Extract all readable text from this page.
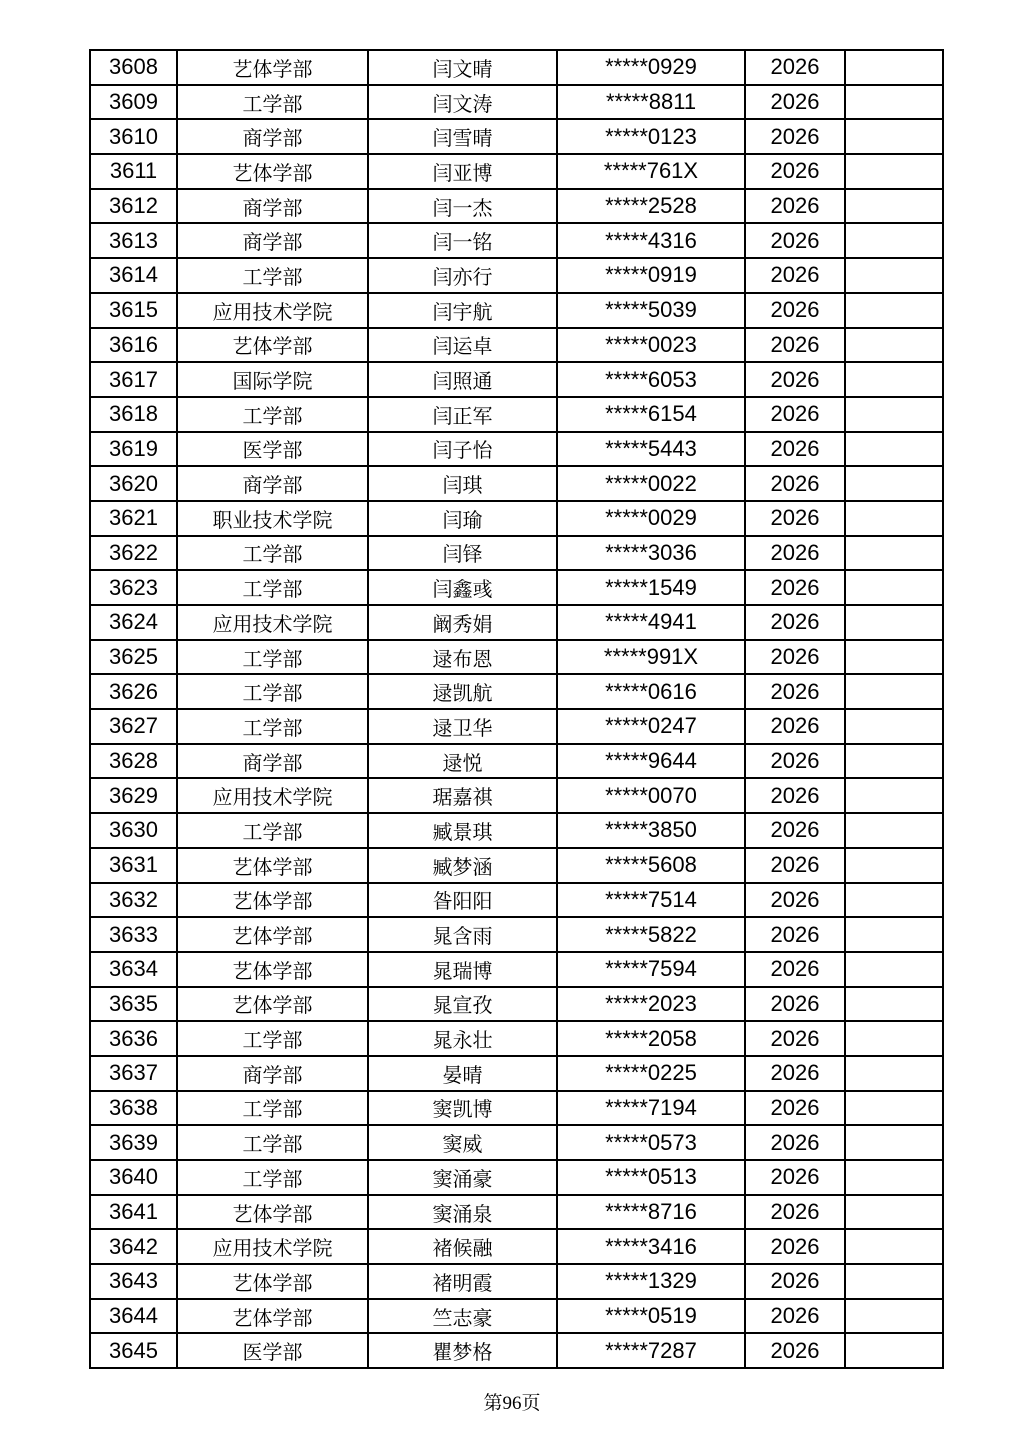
3608	艺体学部	闫文晴	*****0929	2026	
3609	工学部	闫文涛	*****8811	2026	
3610	商学部	闫雪晴	*****0123	2026	
3611	艺体学部	闫亚博	*****761X	2026	
3612	商学部	闫一杰	*****2528	2026	
3613	商学部	闫一铭	*****4316	2026	
3614	工学部	闫亦行	*****0919	2026	
3615	应用技术学院	闫宇航	*****5039	2026	
3616	艺体学部	闫运卓	*****0023	2026	
3617	国际学院	闫照通	*****6053	2026	
3618	工学部	闫正军	*****6154	2026	
3619	医学部	闫子怡	*****5443	2026	
3620	商学部	闫琪	*****0022	2026	
3621	职业技术学院	闫瑜	*****0029	2026	
3622	工学部	闫铎	*****3036	2026	
3623	工学部	闫鑫彧	*****1549	2026	
3624	应用技术学院	阚秀娟	*****4941	2026	
3625	工学部	逯布恩	*****991X	2026	
3626	工学部	逯凯航	*****0616	2026	
3627	工学部	逯卫华	*****0247	2026	
3628	商学部	逯悦	*****9644	2026	
3629	应用技术学院	琚嘉祺	*****0070	2026	
3630	工学部	臧景琪	*****3850	2026	
3631	艺体学部	臧梦涵	*****5608	2026	
3632	艺体学部	昝阳阳	*****7514	2026	
3633	艺体学部	晁含雨	*****5822	2026	
3634	艺体学部	晁瑞博	*****7594	2026	
3635	艺体学部	晁宣孜	*****2023	2026	
3636	工学部	晁永壮	*****2058	2026	
3637	商学部	晏晴	*****0225	2026	
3638	工学部	窦凯博	*****7194	2026	
3639	工学部	窦威	*****0573	2026	
3640	工学部	窦涌豪	*****0513	2026	
3641	艺体学部	窦涌泉	*****8716	2026	
3642	应用技术学院	褚候融	*****3416	2026	
3643	艺体学部	褚明霞	*****1329	2026	
3644	艺体学部	竺志豪	*****0519	2026	
3645	医学部	瞿梦格	*****7287	2026	
第96页
